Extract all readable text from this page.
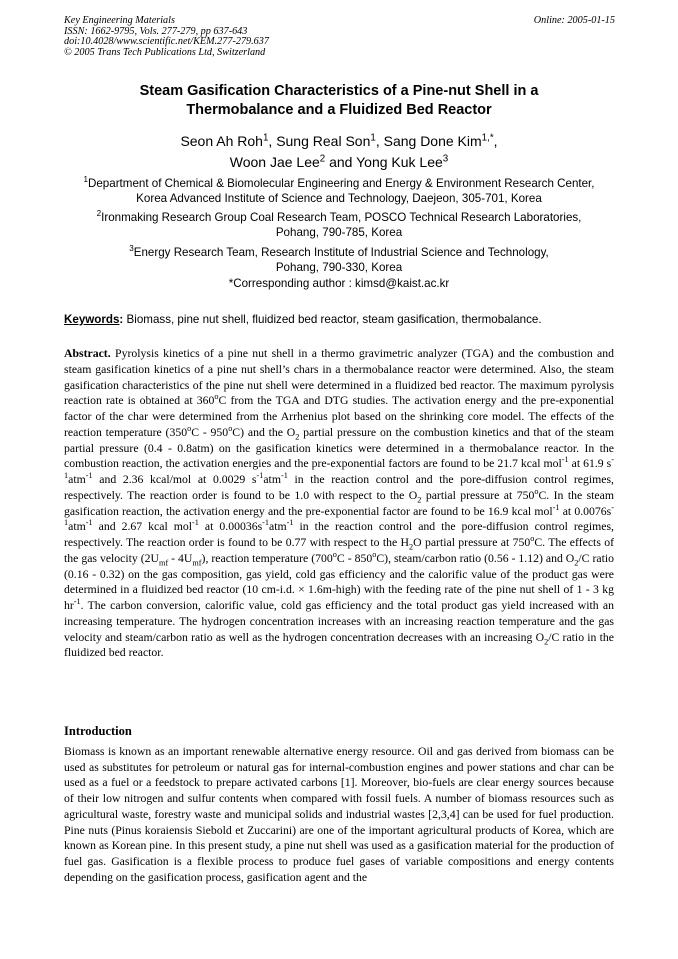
Key Engineering Materials
ISSN: 1662-9795, Vols. 277-279, pp 637-643
doi:10.4028/www.scientific.net/KEM.277-279.637
© 2005 Trans Tech Publications Ltd, Switzerland
Online: 2005-01-15
Steam Gasification Characteristics of a Pine-nut Shell in a
Thermobalance and a Fluidized Bed Reactor
Seon Ah Roh$^1$, Sung Real Son$^1$, Sang Done Kim$^{1,*}$,
Woon Jae Lee$^2$ and Yong Kuk Lee$^3$
$^1$Department of Chemical & Biomolecular Engineering and Energy & Environment Research Center,
Korea Advanced Institute of Science and Technology, Daejeon, 305-701, Korea
$^2$Ironmaking Research Group Coal Research Team, POSCO Technical Research Laboratories,
Pohang, 790-785, Korea
$^3$Energy Research Team, Research Institute of Industrial Science and Technology,
Pohang, 790-330, Korea
*Corresponding author : kimsd@kaist.ac.kr
Keywords: Biomass, pine nut shell, fluidized bed reactor, steam gasification, thermobalance.
Abstract. Pyrolysis kinetics of a pine nut shell in a thermo gravimetric analyzer (TGA) and the combustion and steam gasification kinetics of a pine nut shell’s chars in a thermobalance reactor were determined. Also, the steam gasification characteristics of the pine nut shell were determined in a fluidized bed reactor. The maximum pyrolysis reaction rate is obtained at 360$^o$C from the TGA and DTG studies. The activation energy and the pre-exponential factor of the char were determined from the Arrhenius plot based on the shrinking core model. The effects of the reaction temperature (350$^o$C - 950$^o$C) and the $O_2$ partial pressure on the combustion kinetics and that of the steam partial pressure (0.4 - 0.8atm) on the gasification kinetics were determined in a thermobalance reactor. In the combustion reaction, the activation energies and the pre-exponential factors are found to be 21.7 kcal mol$^{-1}$ at 61.9 $s^{-1}atm^{-1}$ and 2.36 kcal/mol at 0.0029 $s^{-1}atm^{-1}$ in the reaction control and the pore-diffusion control regimes, respectively. The reaction order is found to be 1.0 with respect to the $O_2$ partial pressure at 750$^o$C. In the steam gasification reaction, the activation energy and the pre-exponential factor are found to be 16.9 kcal mol$^{-1}$ at $0.0076s^{-1}atm^{-1}$ and 2.67 kcal mol$^{-1}$ at $0.00036s^{-1}atm^{-1}$ in the reaction control and the pore-diffusion control regimes, respectively. The reaction order is found to be 0.77 with respect to the $H_2O$ partial pressure at 750$^o$C. The effects of the gas velocity $(2U_{mf} - 4U_{mf})$, reaction temperature (700$^o$C - 850$^o$C), steam/carbon ratio (0.56 - 1.12) and $O_2/C$ ratio (0.16 - 0.32) on the gas composition, gas yield, cold gas efficiency and the calorific value of the product gas were determined in a fluidized bed reactor (10 cm-i.d. × 1.6m-high) with the feeding rate of the pine nut shell of 1 - 3 kg $hr^{-1}$. The carbon conversion, calorific value, cold gas efficiency and the total product gas yield increased with an increasing temperature. The hydrogen concentration increases with an increasing reaction temperature and the gas velocity and steam/carbon ratio as well as the hydrogen concentration decreases with an increasing $O_2/C$ ratio in the fluidized bed reactor.
Introduction
Biomass is known as an important renewable alternative energy resource. Oil and gas derived from biomass can be used as substitutes for petroleum or natural gas for internal-combustion engines and power stations and char can be used as a fuel or a feedstock to prepare activated carbons [1]. Moreover, bio-fuels are clear energy sources because of their low nitrogen and sulfur contents when compared with fossil fuels. A number of biomass resources such as agricultural waste, forestry waste and municipal solids and industrial wastes [2,3,4] can be used for fuel production. Pine nuts (Pinus koraiensis Siebold et Zuccarini) are one of the important agricultural products of Korea, which are known as Korean pine. In this present study, a pine nut shell was used as a gasification material for the production of fuel gas. Gasification is a flexible process to produce fuel gases of variable compositions and energy contents depending on the gasification process, gasification agent and the
